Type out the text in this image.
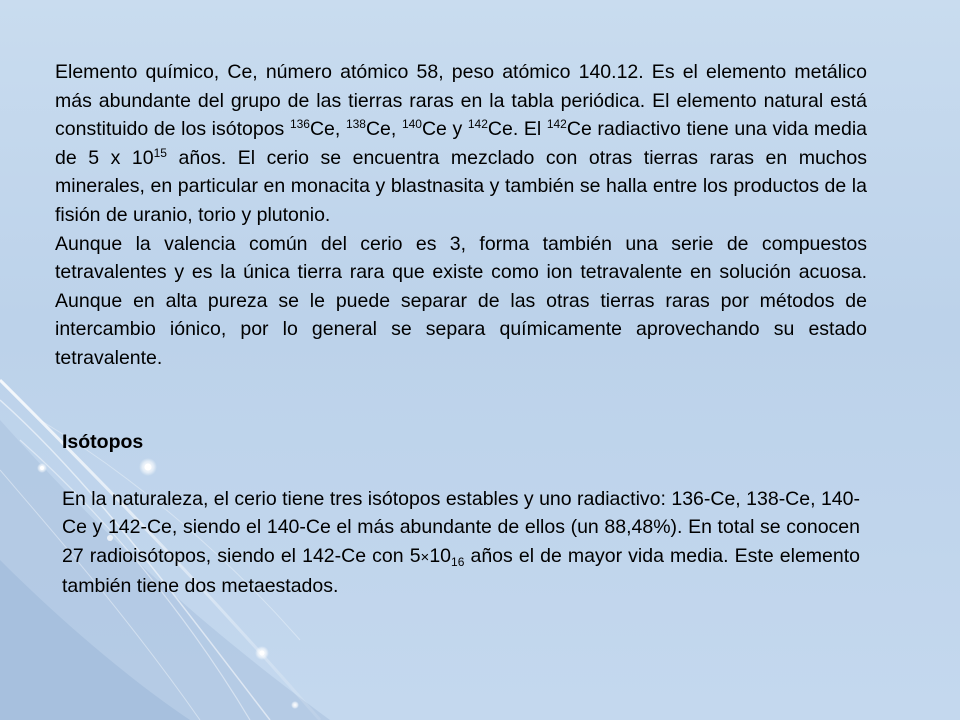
Elemento químico, Ce, número atómico 58, peso atómico 140.12. Es el elemento metálico más abundante del grupo de las tierras raras en la tabla periódica. El elemento natural está constituido de los isótopos $^{136}$Ce, $^{138}$Ce, $^{140}$Ce y $^{142}$Ce. El $^{142}$Ce radiactivo tiene una vida media de 5 x $10^{15}$ años. El cerio se encuentra mezclado con otras tierras raras en muchos minerales, en particular en monacita y blastnasita y también se halla entre los productos de la fisión de uranio, torio y plutonio.

Aunque la valencia común del cerio es 3, forma también una serie de compuestos tetravalentes y es la única tierra rara que existe como ion tetravalente en solución acuosa. Aunque en alta pureza se le puede separar de las otras tierras raras por métodos de intercambio iónico, por lo general se separa químicamente aprovechando su estado tetravalente.

Isótopos

En la naturaleza, el cerio tiene tres isótopos estables y uno radiactivo: 136-Ce, 138-Ce, 140-Ce y 142-Ce, siendo el 140-Ce el más abundante de ellos (un 88,48%). En total se conocen 27 radioisótopos, siendo el 142-Ce con $5\times 10_{16}$ años el de mayor vida media. Este elemento también tiene dos metaestados.
